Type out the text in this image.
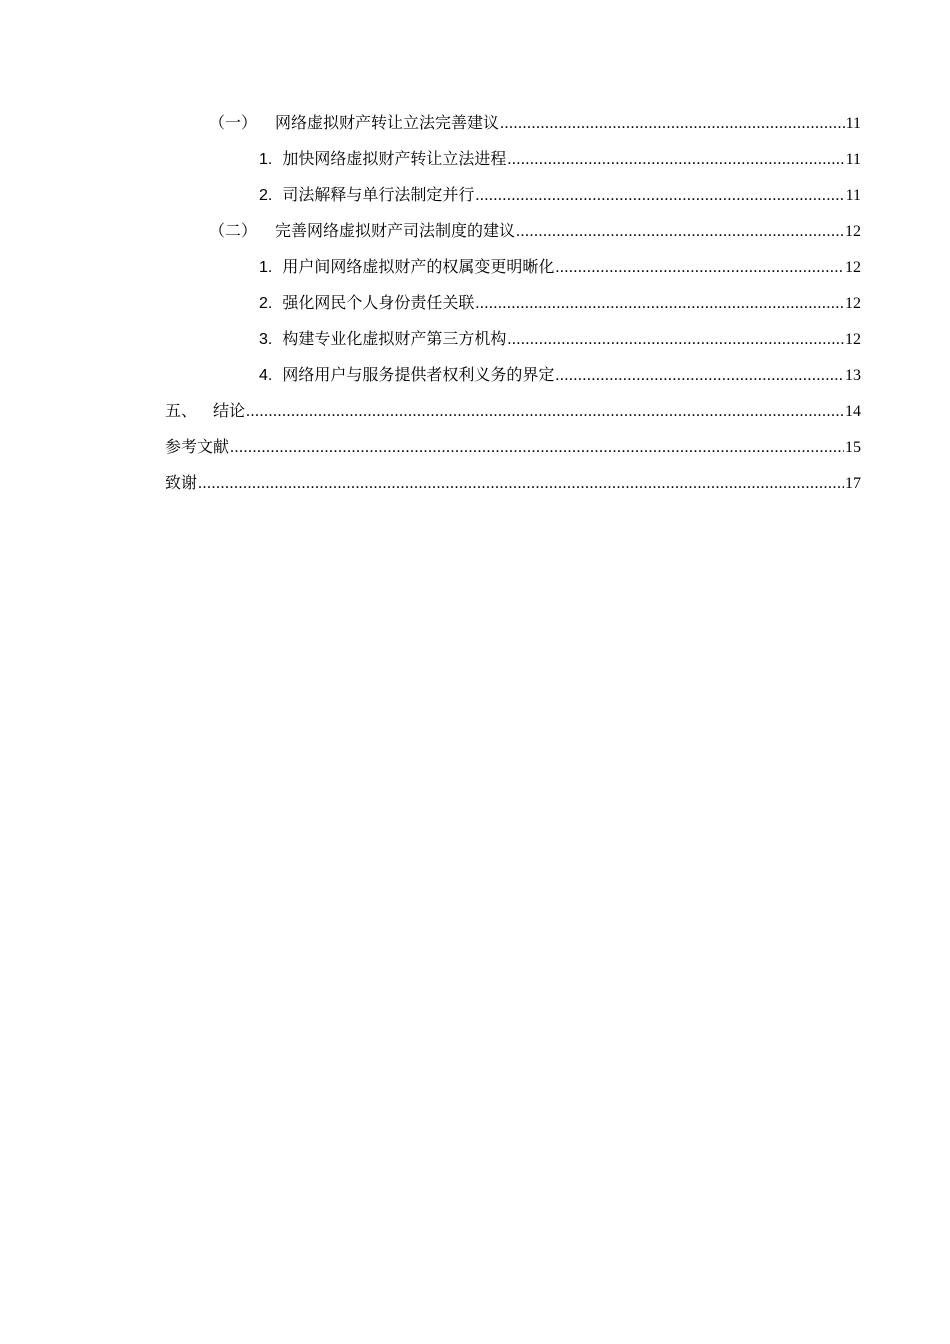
（一） 网络虚拟财产转让立法完善建议 .....	11
1. 加快网络虚拟财产转让立法进程 .....	11
2. 司法解释与单行法制定并行 .....	11
（二） 完善网络虚拟财产司法制度的建议 .....	12
1. 用户间网络虚拟财产的权属变更明晰化 .....	12
2. 强化网民个人身份责任关联 .....	12
3. 构建专业化虚拟财产第三方机构 .....	12
4. 网络用户与服务提供者权利义务的界定 .....	13
五、 结论 .....	14
参考文献 .....	15
致谢 .....	17
